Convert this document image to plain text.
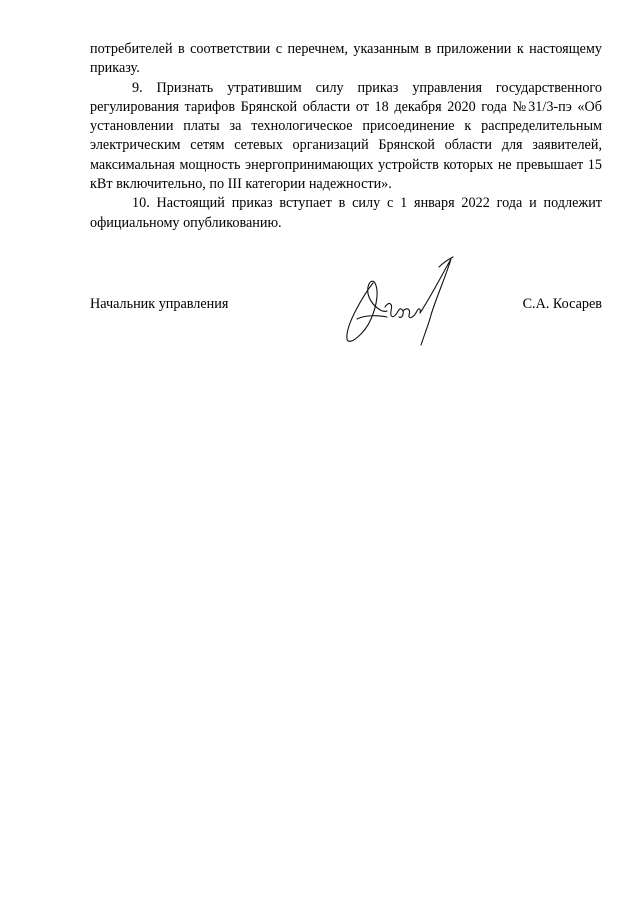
потребителей в соответствии с перечнем, указанным в приложении к настоящему приказу.

9. Признать утратившим силу приказ управления государственного регулирования тарифов Брянской области от 18 декабря 2020 года №31/3-пэ «Об установлении платы за технологическое присоединение к распределительным электрическим сетям сетевых организаций Брянской области для заявителей, максимальная мощность энергопринимающих устройств которых не превышает 15 кВт включительно, по III категории надежности».

10. Настоящий приказ вступает в силу с 1 января 2022 года и подлежит официальному опубликованию.

Начальник управления	С.А. Косарев
